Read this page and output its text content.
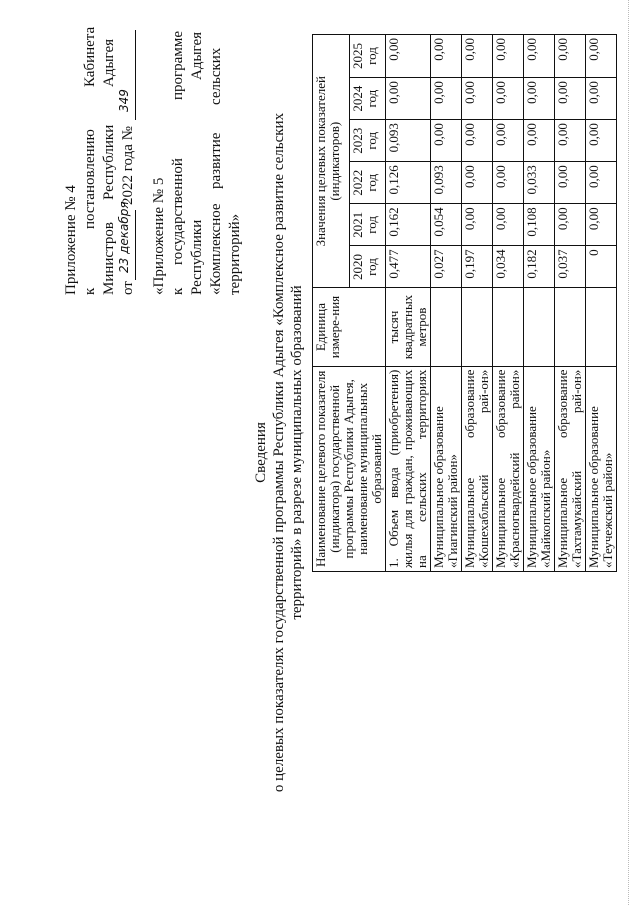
Приложение № 4 к
постановлению
Кабинета
Министров
Республики
Адыгея
от
23 декабря
2022 года №
349
«Приложение № 5 к
государственной
программе
Республики
Адыгея
«Комплексное
развитие
сельских
территорий»
Сведения о целевых показателях государственной программы Республики Адыгея «Комплексное развитие сельских территорий» в разрезе муниципальных образований Наименование целевого показателя (индикатора) государственной программы Республики Адыгея, наименование муниципальных образований	Единица измере-ния	Значения целевых показателей (индикаторов)					
		2020 год	2021 год	2022 год	2023 год	2024 год	2025 год
1. Объем ввода (приобретения) жилья для граждан, проживающих на сельских территориях	тысяч квадратных метров	0,477	0,162	0,126	0,093	0,00	0,00
Муниципальное образование «Гиагинский район»		0,027	0,054	0,093	0,00	0,00	0,00
Муниципальное образование «Кошехабльский рай-он»		0,197	0,00	0,00	0,00	0,00	0,00
Муниципальное образование «Красногвардейский район»		0,034	0,00	0,00	0,00	0,00	0,00
Муниципальное образование «Майкопский район»		0,182	0,108	0,033	0,00	0,00	0,00
Муниципальное образование «Тахтамукайский рай-он»		0,037	0,00	0,00	0,00	0,00	0,00
Муниципальное образование «Теучежский район»		0	0,00	0,00	0,00	0,00	0,00
